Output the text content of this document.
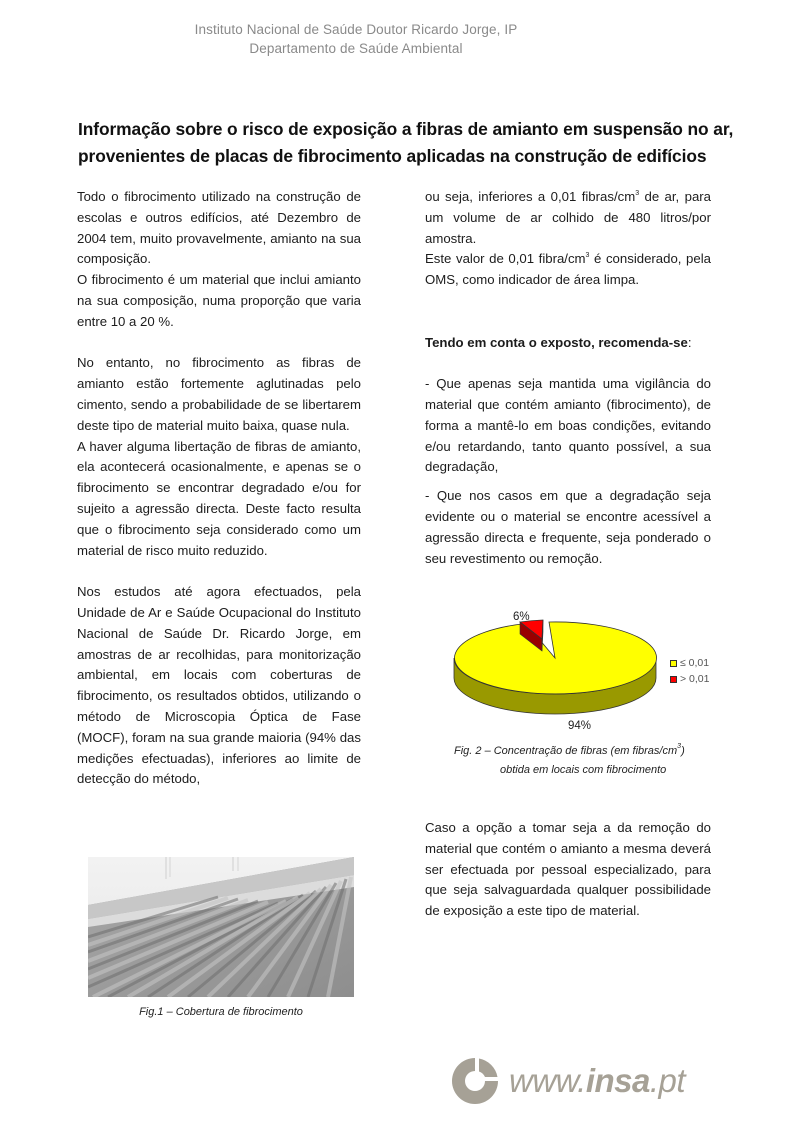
Instituto Nacional de Saúde Doutor Ricardo Jorge, IP
Departamento de Saúde Ambiental
Informação sobre o risco de exposição a fibras de amianto em suspensão no ar,
provenientes de placas de fibrocimento aplicadas na construção de edifícios

Todo o fibrocimento utilizado na construção de escolas e outros edifícios, até Dezembro de 2004 tem, muito provavelmente, amianto na sua composição.

O fibrocimento é um material que inclui amianto na sua composição, numa proporção que varia entre 10 a 20 %.

No entanto, no fibrocimento as fibras de amianto estão fortemente aglutinadas pelo cimento, sendo a probabilidade de se libertarem deste tipo de material muito baixa, quase nula.

A haver alguma libertação de fibras de amianto, ela acontecerá ocasionalmente, e apenas se o fibrocimento se encontrar degradado e/ou for sujeito a agressão directa. Deste facto resulta que o fibrocimento seja considerado como um material de risco muito reduzido.

Nos estudos até agora efectuados, pela Unidade de Ar e Saúde Ocupacional do Instituto Nacional de Saúde Dr. Ricardo Jorge, em amostras de ar recolhidas, para monitorização ambiental, em locais com coberturas de fibrocimento, os resultados obtidos, utilizando o método de Microscopia Óptica de Fase (MOCF), foram na sua grande maioria (94% das medições efectuadas), inferiores ao limite de detecção do método,

Fig.1 – Cobertura de fibrocimento

ou seja, inferiores a 0,01 fibras/$cm^3$ de ar, para um volume de ar colhido de 480 litros/por amostra.

Este valor de 0,01 fibra/$cm^3$ é considerado, pela OMS, como indicador de área limpa.

Tendo em conta o exposto, recomenda-se:

- Que apenas seja mantida uma vigilância do material que contém amianto (fibrocimento), de forma a mantê-lo em boas condições, evitando e/ou retardando, tanto quanto possível, a sua degradação,

- Que nos casos em que a degradação seja evidente ou o material se encontre acessível a agressão directa e frequente, seja ponderado o seu revestimento ou remoção.

6%
94%
≤ 0,01
> 0,01
Fig. 2 – Concentração de fibras (em fibras/$cm^3$)
obtida em locais com fibrocimento
Caso a opção a tomar seja a da remoção do material que contém o amianto a mesma deverá ser efectuada por pessoal especializado, para que seja salvaguardada qualquer possibilidade de exposição a este tipo de material.
www.insa.pt
